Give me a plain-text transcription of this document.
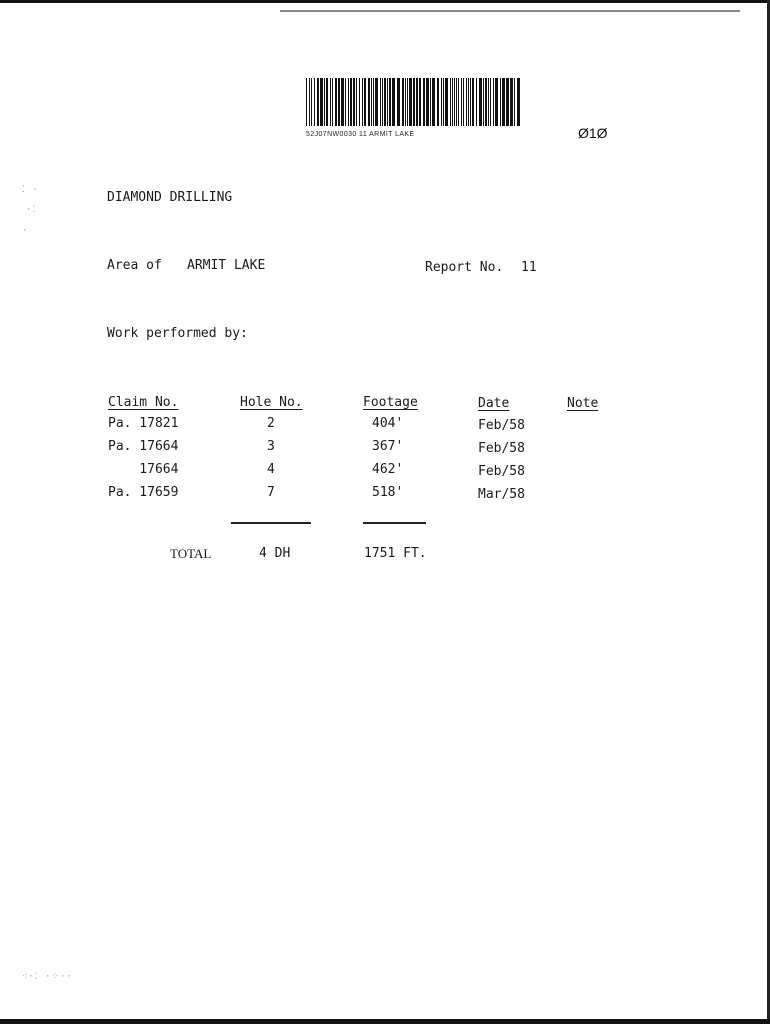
⁚ ·
·⁚
·
⁖·⁚ ·⁘··
52J07NW0030 11 ARMIT LAKE	Ø1Ø
DIAMOND DRILLING
Area of ARMIT LAKE	Report No. 11
Work performed by:
Claim No.	Hole No.	Footage	Date	Note
Pa. 17821	2	404'	Feb/58
Pa. 17664	3	367'	Feb/58
17664	4	462'	Feb/58
Pa. 17659	7	518'	Mar/58
TOTAL	4 DH	1751 FT.
